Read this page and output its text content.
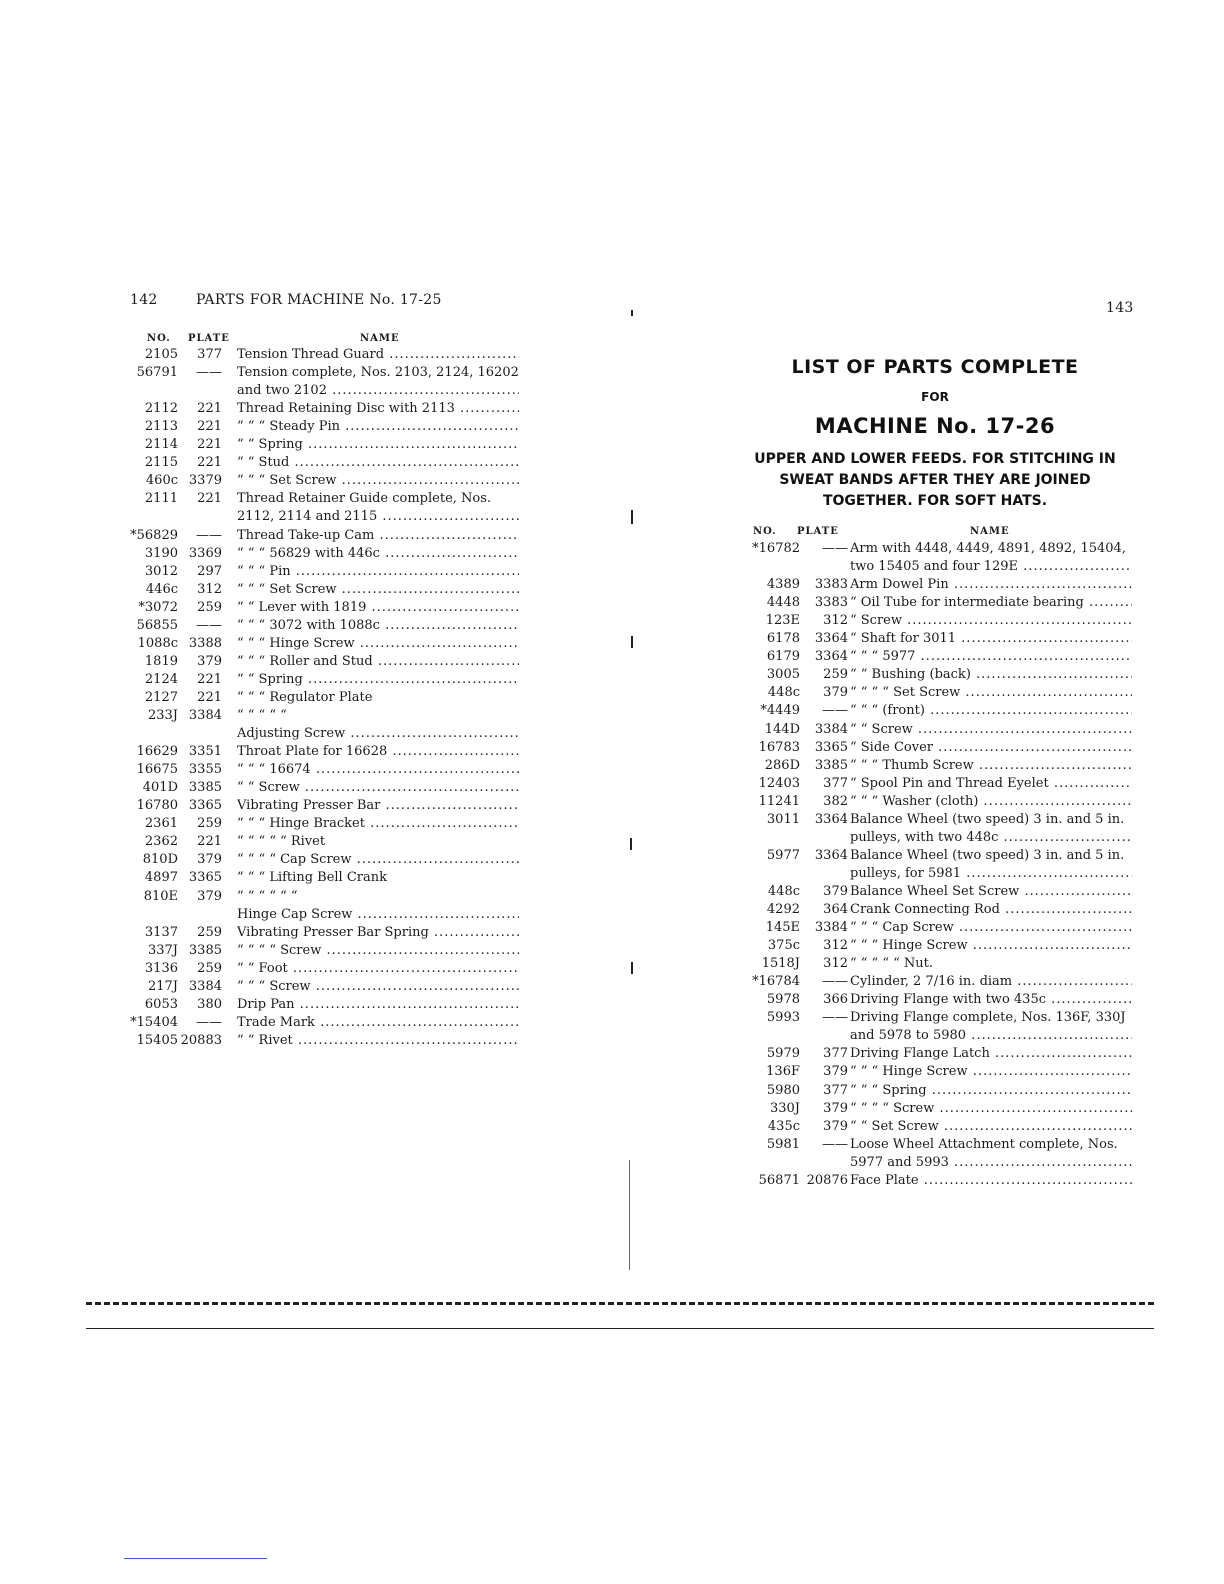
142	PARTS FOR MACHINE No. 17-25
NO. PLATE	NAME
2105	377 Tension Thread Guard .....
56791	—— Tension complete, Nos. 2103, 2124, 16202
and two 2102 .....
2112	221 Thread Retaining Disc with 2113 .....
2113	221 “ “ “ Steady Pin .....
2114	221 “ “ Spring .....
2115	221 “ “ Stud .....
460c 3379 “ “ “ Set Screw .....
2111	221 Thread Retainer Guide complete, Nos.
2112, 2114 and 2115 .....
*56829	—— Thread Take-up Cam .....
3190 3369 “ “ “ 56829 with 446c .....
3012	297 “ “ “ Pin .....
446c	312 “ “ “ Set Screw .....
*3072	259 “ “ Lever with 1819 .....
56855	—— “ “ “ 3072 with 1088c .....
1088c 3388 “ “ “ Hinge Screw .....
1819	379 “ “ “ Roller and Stud .....
2124	221 “ “ Spring .....
2127	221 “ “ “ Regulator Plate
233J 3384 “ “ “ “ “
Adjusting Screw .....
16629 3351 Throat Plate for 16628 .....
16675 3355 “ “ “ 16674 .....
401D 3385 “ “ Screw .....
16780 3365 Vibrating Presser Bar .....
2361	259 “ “ “ Hinge Bracket .....
2362	221 “ “ “ “ “ Rivet
810D	379 “ “ “ “ Cap Screw .....
4897 3365 “ “ “ Lifting Bell Crank
810E	379 “ “ “ “ “ “
Hinge Cap Screw .....
3137	259 Vibrating Presser Bar Spring .....
337J 3385 “ “ “ “ Screw .....
3136	259 “ “ Foot .....
217J 3384 “ “ “ Screw .....
6053	380 Drip Pan .....
*15404	—— Trade Mark .....
15405 20883 “ “ Rivet .....
143
LIST OF PARTS COMPLETE
FOR
MACHINE No. 17-26
UPPER AND LOWER FEEDS. FOR STITCHING IN
SWEAT BANDS AFTER THEY ARE JOINED
TOGETHER. FOR SOFT HATS.
NO. PLATE	NAME
*16782	—— Arm with 4448, 4449, 4891, 4892, 15404,
two 15405 and four 129E .....
4389	3383 Arm Dowel Pin .....
4448	3383 “ Oil Tube for intermediate bearing .....
123E	312 “ Screw .....
6178	3364 “ Shaft for 3011 .....
6179	3364 “ “ “ 5977 .....
3005	259 “ “ Bushing (back) .....
448c	379 “ “ “ “ Set Screw .....
*4449	—— “ “ “ (front) .....
144D	3384 “ “ Screw .....
16783	3365 “ Side Cover .....
286D	3385 “ “ “ Thumb Screw .....
12403	377 “ Spool Pin and Thread Eyelet .....
11241	382 “ “ “ Washer (cloth) .....
3011	3364 Balance Wheel (two speed) 3 in. and 5 in.
pulleys, with two 448c .....
5977	3364 Balance Wheel (two speed) 3 in. and 5 in.
pulleys, for 5981 .....
448c	379 Balance Wheel Set Screw .....
4292	364 Crank Connecting Rod .....
145E	3384 “ “ “ Cap Screw .....
375c	312 “ “ “ Hinge Screw .....
1518J	312 “ “ “ “ “ Nut.
*16784	—— Cylinder, 2 7/16 in. diam .....
5978	366 Driving Flange with two 435c .....
5993	—— Driving Flange complete, Nos. 136F, 330J
and 5978 to 5980 .....
5979	377 Driving Flange Latch .....
136F	379 “ “ “ Hinge Screw .....
5980	377 “ “ “ Spring .....
330J	379 “ “ “ “ Screw .....
435c	379 “ “ Set Screw .....
5981	—— Loose Wheel Attachment complete, Nos.
5977 and 5993 .....
56871 20876 Face Plate .....
